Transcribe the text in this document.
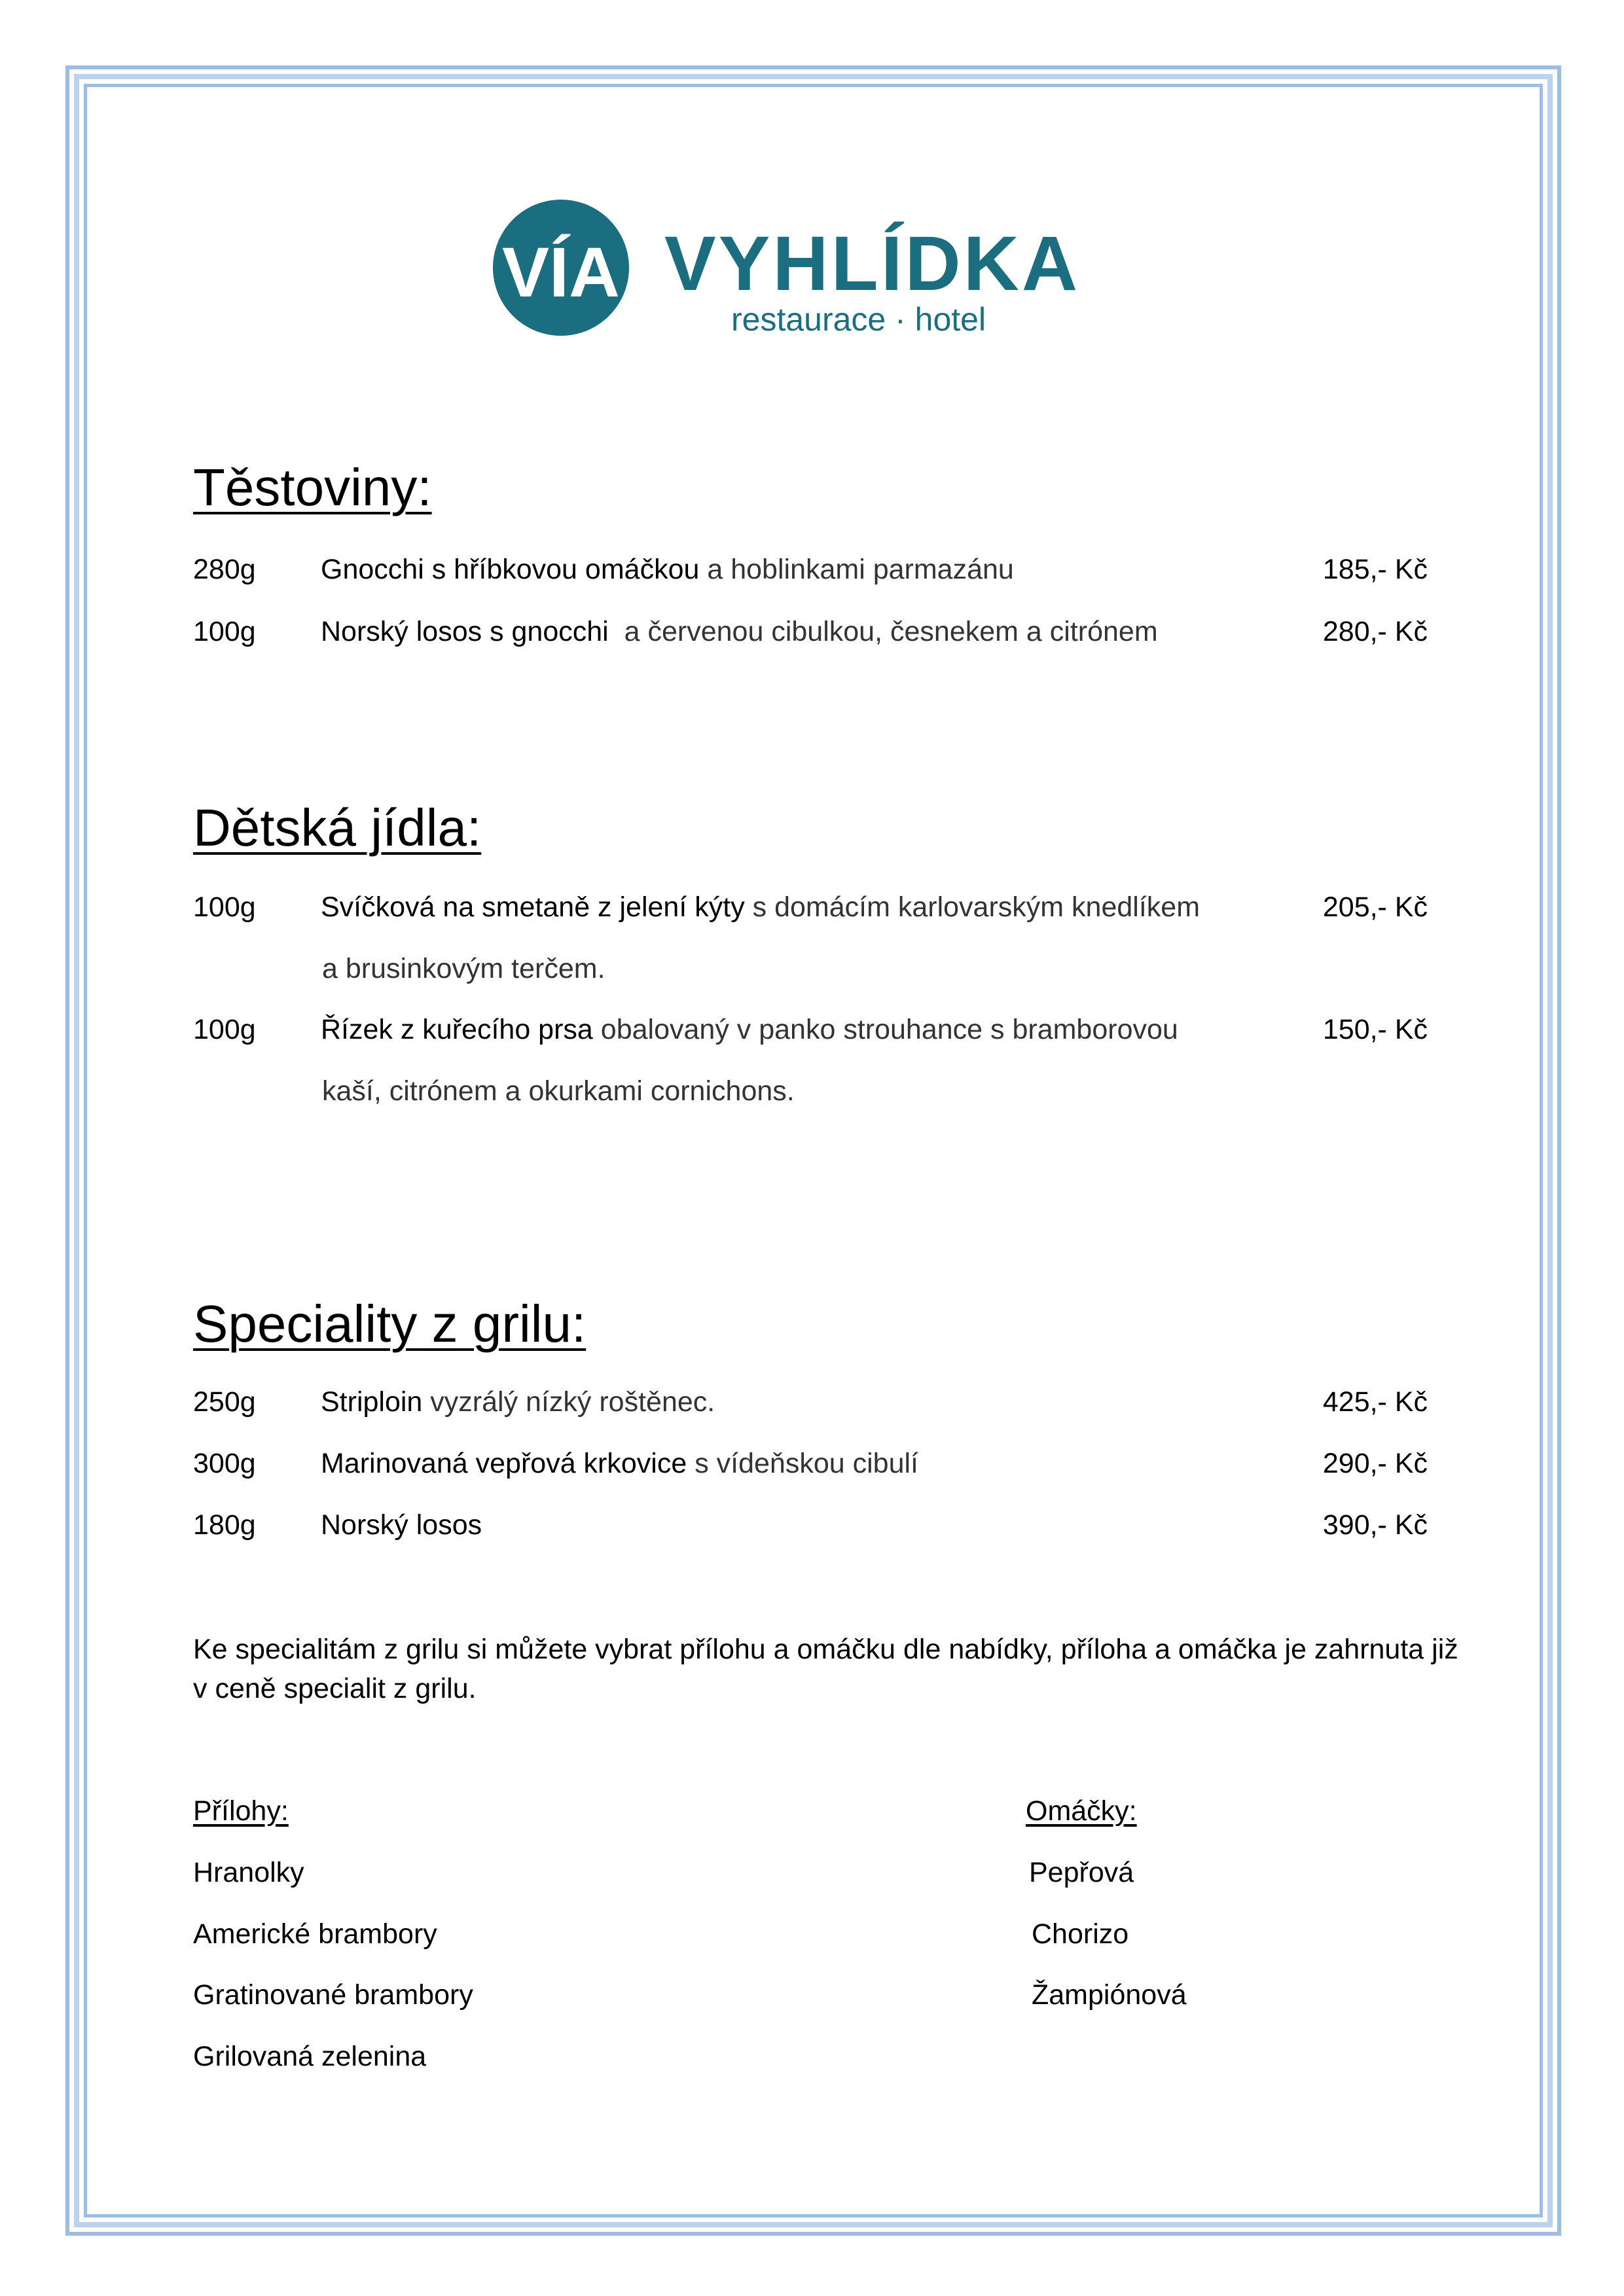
VÍA VYHLÍDKA
restaurace · hotel
Těstoviny:
280g Gnocchi s hříbkovou omáčkou a hoblinkami parmazánu	185,- Kč
100g Norský losos s gnocchi  a červenou cibulkou, česnekem a citrónem	280,- Kč
Dětská jídla:
100g Svíčková na smetaně z jelení kýty s domácím karlovarským knedlíkem	205,- Kč
a brusinkovým terčem.
100g Řízek z kuřecího prsa obalovaný v panko strouhance s bramborovou	150,- Kč
kaší, citrónem a okurkami cornichons.
Speciality z grilu:
250g Striploin vyzrálý nízký roštěnec.	425,- Kč
300g Marinovaná vepřová krkovice s vídeňskou cibulí	290,- Kč
180g Norský losos	390,- Kč
Ke specialitám z grilu si můžete vybrat přílohu a omáčku dle nabídky, příloha a omáčka je zahrnuta již
v ceně specialit z grilu.
Přílohy:
Hranolky
Americké brambory
Gratinované brambory
Grilovaná zelenina
Omáčky:
Pepřová
Chorizo
Žampiónová
